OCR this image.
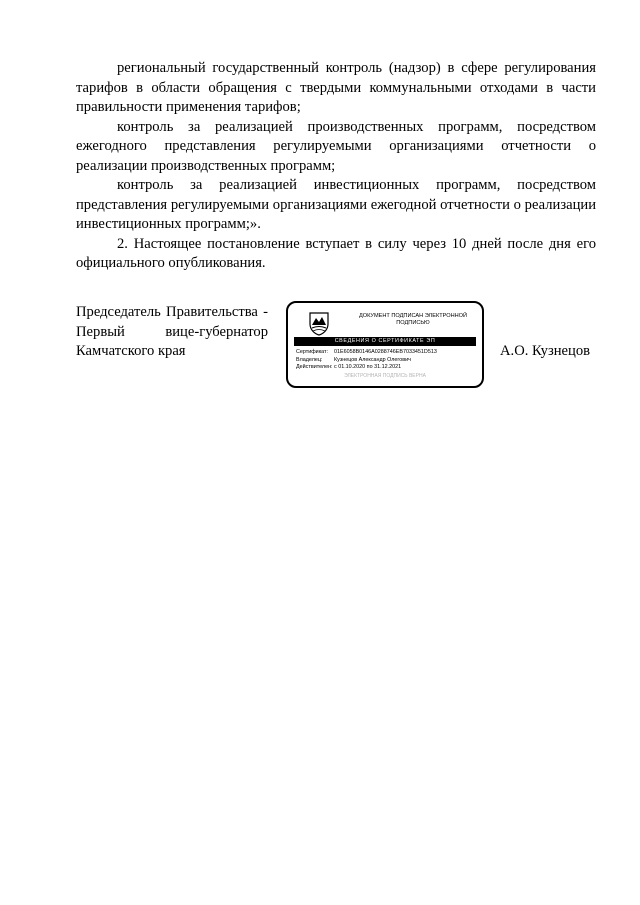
региональный государственный контроль (надзор) в сфере регулирования тарифов в области обращения с твердыми коммунальными отходами в части правильности применения тарифов;

контроль за реализацией производственных программ, посредством ежегодного представления регулируемыми организациями отчетности о реализации производственных программ;

контроль за реализацией инвестиционных программ, посредством представления регулируемыми организациями ежегодной отчетности о реализации инвестиционных программ;».

2. Настоящее постановление вступает в силу через 10 дней после дня его официального опубликования.

Председатель Правительства -
Первый вице-губернатор
Камчатского края
ДОКУМЕНТ ПОДПИСАН ЭЛЕКТРОННОЙ ПОДПИСЬЮ
СВЕДЕНИЯ О СЕРТИФИКАТЕ ЭП
Сертификат:	01E6058B0146A0288746EB7033451D513
Владелец:	Кузнецов Александр Олегович
Действителен: с 01.10.2020 по 31.12.2021
ЭЛЕКТРОННАЯ ПОДПИСЬ ВЕРНА
А.О. Кузнецов
